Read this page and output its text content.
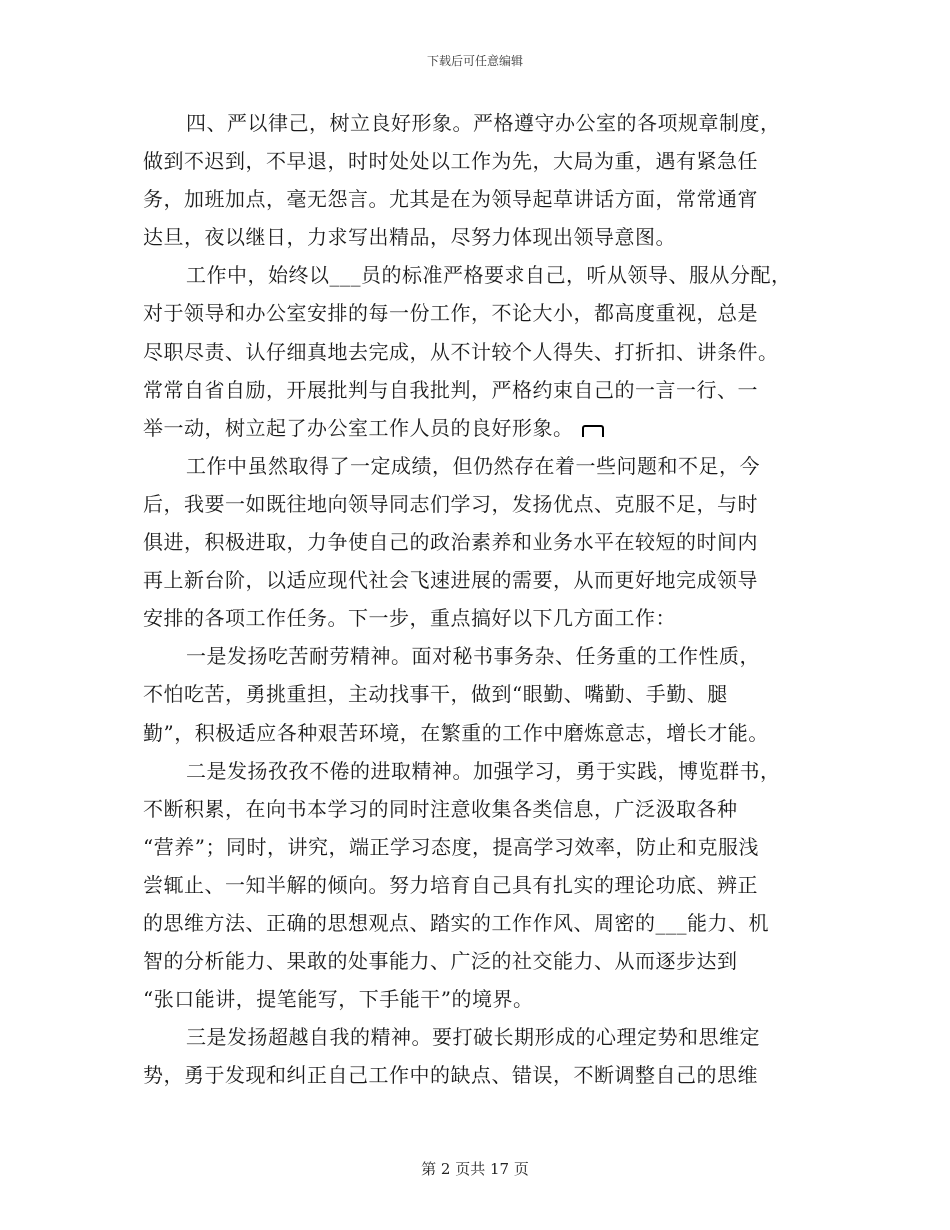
下载后可任意编辑
四、严以律己，树立良好形象。严格遵守办公室的各项规章制度，
做到不迟到，不早退，时时处处以工作为先，大局为重，遇有紧急任
务，加班加点，毫无怨言。尤其是在为领导起草讲话方面，常常通宵
达旦，夜以继日，力求写出精品，尽努力体现出领导意图。
工作中，始终以___员的标准严格要求自己，听从领导、服从分配，
对于领导和办公室安排的每一份工作，不论大小，都高度重视，总是
尽职尽责、认仔细真地去完成，从不计较个人得失、打折扣、讲条件。
常常自省自励，开展批判与自我批判，严格约束自己的一言一行、一
举一动，树立起了办公室工作人员的良好形象。
工作中虽然取得了一定成绩，但仍然存在着一些问题和不足，今
后，我要一如既往地向领导同志们学习，发扬优点、克服不足，与时
俱进，积极进取，力争使自己的政治素养和业务水平在较短的时间内
再上新台阶，以适应现代社会飞速进展的需要，从而更好地完成领导
安排的各项工作任务。下一步，重点搞好以下几方面工作：
一是发扬吃苦耐劳精神。面对秘书事务杂、任务重的工作性质，
不怕吃苦，勇挑重担，主动找事干，做到“眼勤、嘴勤、手勤、腿
勤”，积极适应各种艰苦环境，在繁重的工作中磨炼意志，增长才能。
二是发扬孜孜不倦的进取精神。加强学习，勇于实践，博览群书，
不断积累，在向书本学习的同时注意收集各类信息，广泛汲取各种
“营养”；同时，讲究，端正学习态度，提高学习效率，防止和克服浅
尝辄止、一知半解的倾向。努力培育自己具有扎实的理论功底、辨正
的思维方法、正确的思想观点、踏实的工作作风、周密的___能力、机
智的分析能力、果敢的处事能力、广泛的社交能力、从而逐步达到
“张口能讲，提笔能写，下手能干”的境界。
三是发扬超越自我的精神。要打破长期形成的心理定势和思维定
势，勇于发现和纠正自己工作中的缺点、错误，不断调整自己的思维
第 2 页共 17 页
